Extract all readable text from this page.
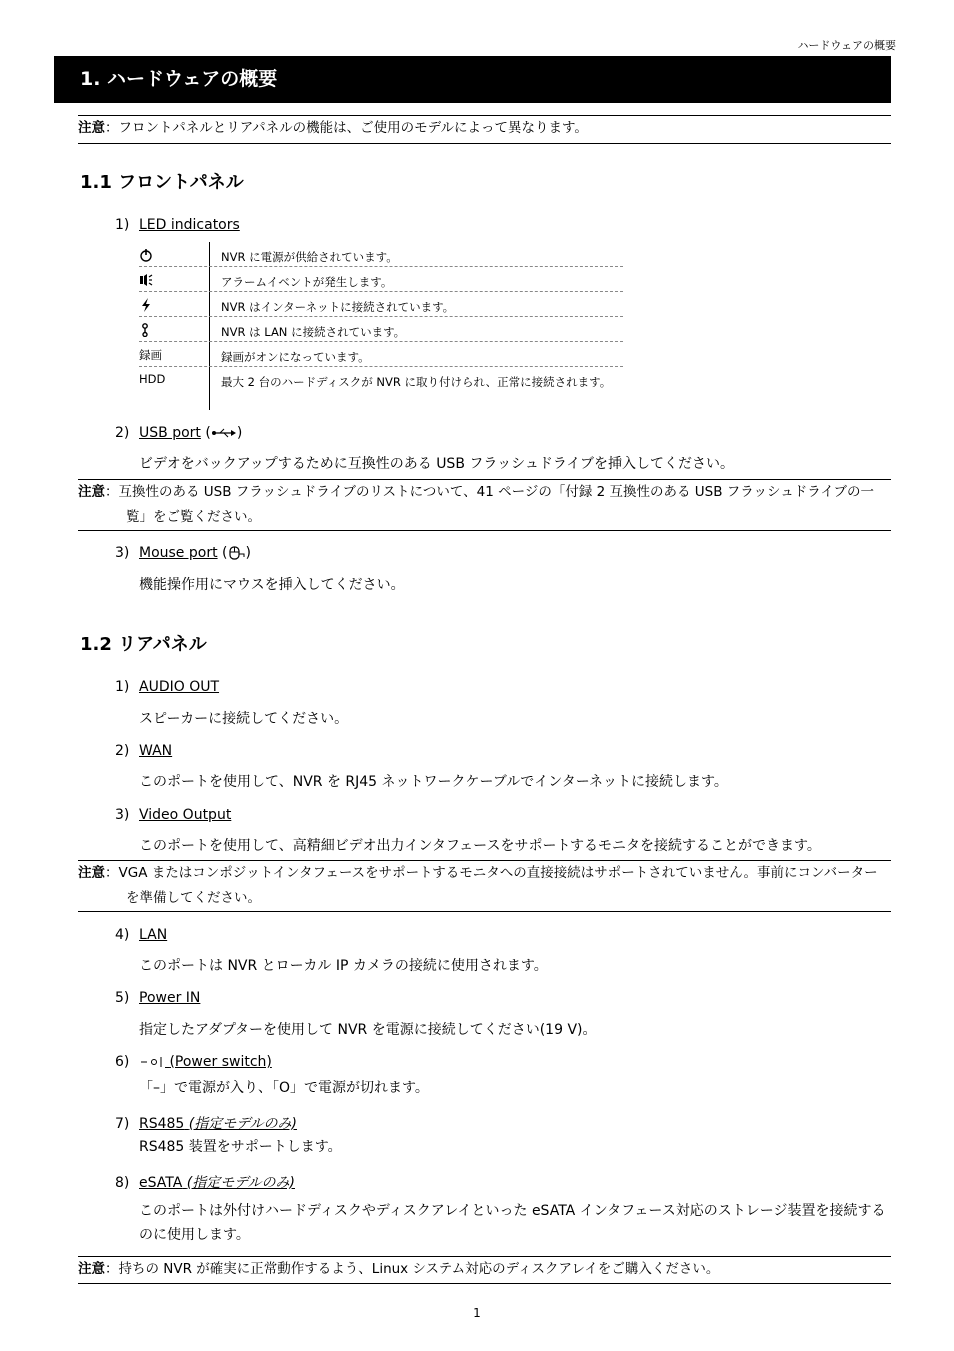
ハードウェアの概要
1. ハードウェアの概要
注意：フロントパネルとリアパネルの機能は、ご使用のモデルによって異なります。
1.1 フロントパネル
1) LED indicators
NVR に電源が供給されています。
アラームイベントが発生します。
NVR はインターネットに接続されています。
NVR は LAN に接続されています。
録画	録画がオンになっています。
HDD	最大 2 台のハードディスクが NVR に取り付けられ、正常に接続されます。
2) USB port ( )
ビデオをバックアップするために互換性のある USB フラッシュドライブを挿入してください。
注意：互換性のある USB フラッシュドライブのリストについて、41 ページの「付録 2 互換性のある USB フラッシュドライブの一覧」をご覧ください。
3) Mouse port ( )
機能操作用にマウスを挿入してください。
1.2 リアパネル
1) AUDIO OUT
スピーカーに接続してください。
2) WAN
このポートを使用して、NVR を RJ45 ネットワークケーブルでインターネットに接続します。
3) Video Output
このポートを使用して、高精細ビデオ出力インタフェースをサポートするモニタを接続することができます。
注意：VGA またはコンポジットインタフェースをサポートするモニタへの直接接続はサポートされていません。事前にコンバーターを準備してください。
4) LAN
このポートは NVR とローカル IP カメラの接続に使用されます。
5) Power IN
指定したアダプターを使用して NVR を電源に接続してください(19 V)。
6)	(Power switch)
「–」で電源が入り、「O」で電源が切れます。
7) RS485 (指定モデルのみ)
RS485 装置をサポートします。
8) eSATA (指定モデルのみ)
このポートは外付けハードディスクやディスクアレイといった eSATA インタフェース対応のストレージ装置を接続するのに使用します。
注意：持ちの NVR が確実に正常動作するよう、Linux システム対応のディスクアレイをご購入ください。
1
